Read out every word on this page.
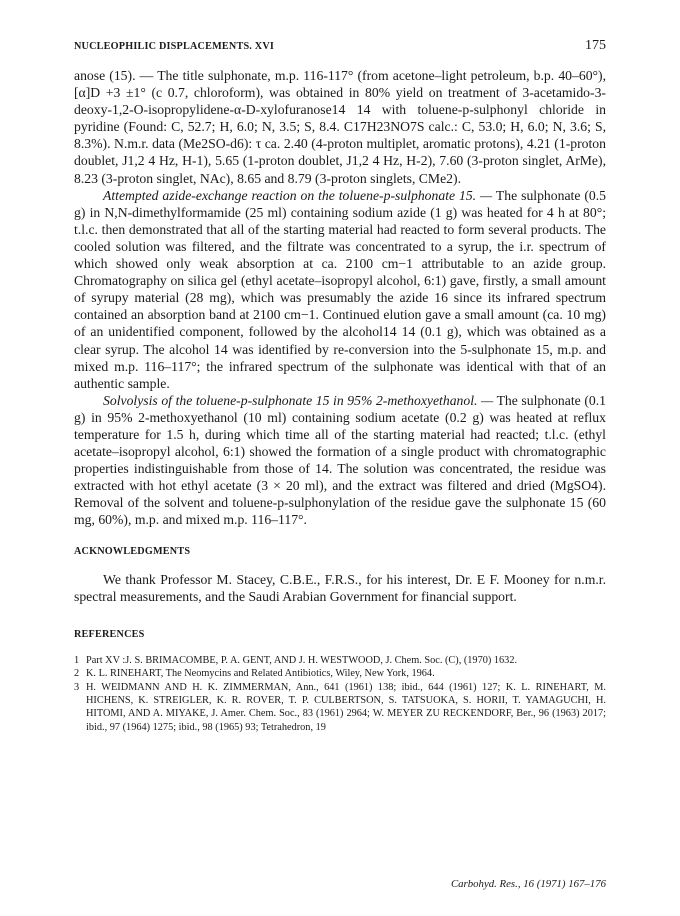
NUCLEOPHILIC DISPLACEMENTS. XVI	175

anose (15). — The title sulphonate, m.p. 116-117° (from acetone–light petroleum, b.p. 40–60°), [α]D +3 ±1° (c 0.7, chloroform), was obtained in 80% yield on treatment of 3-acetamido-3-deoxy-1,2-O-isopropylidene-α-D-xylofuranose14 14 with toluene-p-sulphonyl chloride in pyridine (Found: C, 52.7; H, 6.0; N, 3.5; S, 8.4. C17H23NO7S calc.: C, 53.0; H, 6.0; N, 3.6; S, 8.3%). N.m.r. data (Me2SO-d6): τ ca. 2.40 (4-proton multiplet, aromatic protons), 4.21 (1-proton doublet, J1,2 4 Hz, H-1), 5.65 (1-proton doublet, J1,2 4 Hz, H-2), 7.60 (3-proton singlet, ArMe), 8.23 (3-proton singlet, NAc), 8.65 and 8.79 (3-proton singlets, CMe2).

Attempted azide-exchange reaction on the toluene-p-sulphonate 15. — The sulphonate (0.5 g) in N,N-dimethylformamide (25 ml) containing sodium azide (1 g) was heated for 4 h at 80°; t.l.c. then demonstrated that all of the starting material had reacted to form several products. The cooled solution was filtered, and the filtrate was concentrated to a syrup, the i.r. spectrum of which showed only weak absorption at ca. 2100 cm−1 attributable to an azide group. Chromatography on silica gel (ethyl acetate–isopropyl alcohol, 6:1) gave, firstly, a small amount of syrupy material (28 mg), which was presumably the azide 16 since its infrared spectrum contained an absorption band at 2100 cm−1. Continued elution gave a small amount (ca. 10 mg) of an unidentified component, followed by the alcohol14 14 (0.1 g), which was obtained as a clear syrup. The alcohol 14 was identified by re-conversion into the 5-sulphonate 15, m.p. and mixed m.p. 116–117°; the infrared spectrum of the sulphonate was identical with that of an authentic sample.

Solvolysis of the toluene-p-sulphonate 15 in 95% 2-methoxyethanol. — The sulphonate (0.1 g) in 95% 2-methoxyethanol (10 ml) containing sodium acetate (0.2 g) was heated at reflux temperature for 1.5 h, during which time all of the starting material had reacted; t.l.c. (ethyl acetate–isopropyl alcohol, 6:1) showed the formation of a single product with chromatographic properties indistinguishable from those of 14. The solution was concentrated, the residue was extracted with hot ethyl acetate (3 × 20 ml), and the extract was filtered and dried (MgSO4). Removal of the solvent and toluene-p-sulphonylation of the residue gave the sulphonate 15 (60 mg, 60%), m.p. and mixed m.p. 116–117°.

ACKNOWLEDGMENTS

We thank Professor M. Stacey, C.B.E., F.R.S., for his interest, Dr. E F. Mooney for n.m.r. spectral measurements, and the Saudi Arabian Government for financial support.

REFERENCES
1 Part XV :J. S. BRIMACOMBE, P. A. GENT, AND J. H. WESTWOOD, J. Chem. Soc. (C), (1970) 1632.
2 K. L. RINEHART, The Neomycins and Related Antibiotics, Wiley, New York, 1964.
3 H. WEIDMANN AND H. K. ZIMMERMAN, Ann., 641 (1961) 138; ibid., 644 (1961) 127; K. L. RINEHART, M. HICHENS, K. STREIGLER, K. R. ROVER, T. P. CULBERTSON, S. TATSUOKA, S. HORII, T. YAMAGUCHI, H. HITOMI, AND A. MIYAKE, J. Amer. Chem. Soc., 83 (1961) 2964; W. MEYER ZU RECKENDORF, Ber., 96 (1963) 2017; ibid., 97 (1964) 1275; ibid., 98 (1965) 93; Tetrahedron, 19
Carbohyd. Res., 16 (1971) 167–176
